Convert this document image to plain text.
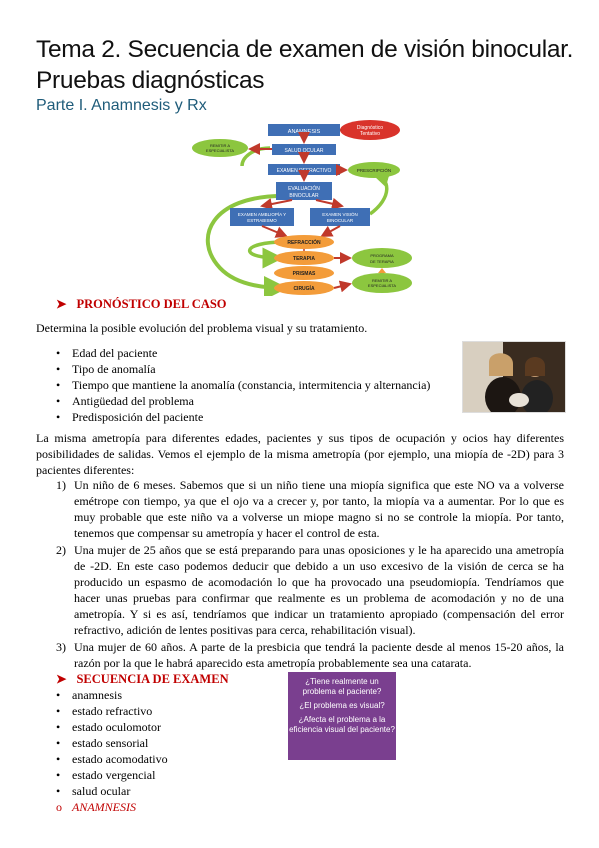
Tema 2. Secuencia de examen de visión binocular. Pruebas diagnósticas
Parte I. Anamnesis y Rx
ANAMNESIS
Diagnóstico
Tentativo
REMITIR A
ESPECIALISTA	SALUD OCULAR
EXAMEN REFRACTIVO	PRESCRIPCIÓN
EVALUACIÓN
BINOCULAR
EXAMEN AMBLIOPÍA Y
ESTRABISMO
EXAMEN VISIÓN
BINOCULAR
REFRACCIÓN
TERAPIA
PRISMAS
CIRUGÍA
PROGRAMA
DE TERAPIA
REMITIR A
ESPECIALISTA
➤ PRONÓSTICO DEL CASO
Determina la posible evolución del problema visual y su tratamiento.
• Edad del paciente
• Tipo de anomalía
• Tiempo que mantiene la anomalía (constancia, intermitencia y alternancia)
• Antigüedad del problema
• Predisposición del paciente
La misma ametropía para diferentes edades, pacientes y sus tipos de ocupación y ocios hay diferentes posibilidades de salidas. Vemos el ejemplo de la misma ametropía (por ejemplo, una miopía de -2D) para 3 pacientes diferentes:
1) Un niño de 6 meses. Sabemos que si un niño tiene una miopía significa que este NO va a volverse emétrope con tiempo, ya que el ojo va a crecer y, por tanto, la miopía va a aumentar. Por lo que es muy probable que este niño va a volverse un miope magno si no se controle la miopía. Por tanto, tenemos que compensar su ametropía y hacer el control de esta.
2) Una mujer de 25 años que se está preparando para unas oposiciones y le ha aparecido una ametropía de -2D. En este caso podemos deducir que debido a un uso excesivo de la visión de cerca se ha producido un espasmo de acomodación lo que ha provocado una pseudomiopía. Tendríamos que hacer unas pruebas para confirmar que realmente es un problema de acomodación y no de una ametropía. Y si es así, tendríamos que indicar un tratamiento apropiado (compensación del error refractivo, adición de lentes positivas para cerca, rehabilitación visual).
3) Una mujer de 60 años. A parte de la presbicia que tendrá la paciente desde al menos 15-20 años, la razón por la que le habrá aparecido esta ametropía probablemente sea una catarata.
➤ SECUENCIA DE EXAMEN
• anamnesis
• estado refractivo
• estado oculomotor
• estado sensorial
• estado acomodativo
• estado vergencial
• salud ocular
o ANAMNESIS
¿Tiene realmente un problema el paciente?
¿El problema es visual?
¿Afecta el problema a la eficiencia visual del paciente?
